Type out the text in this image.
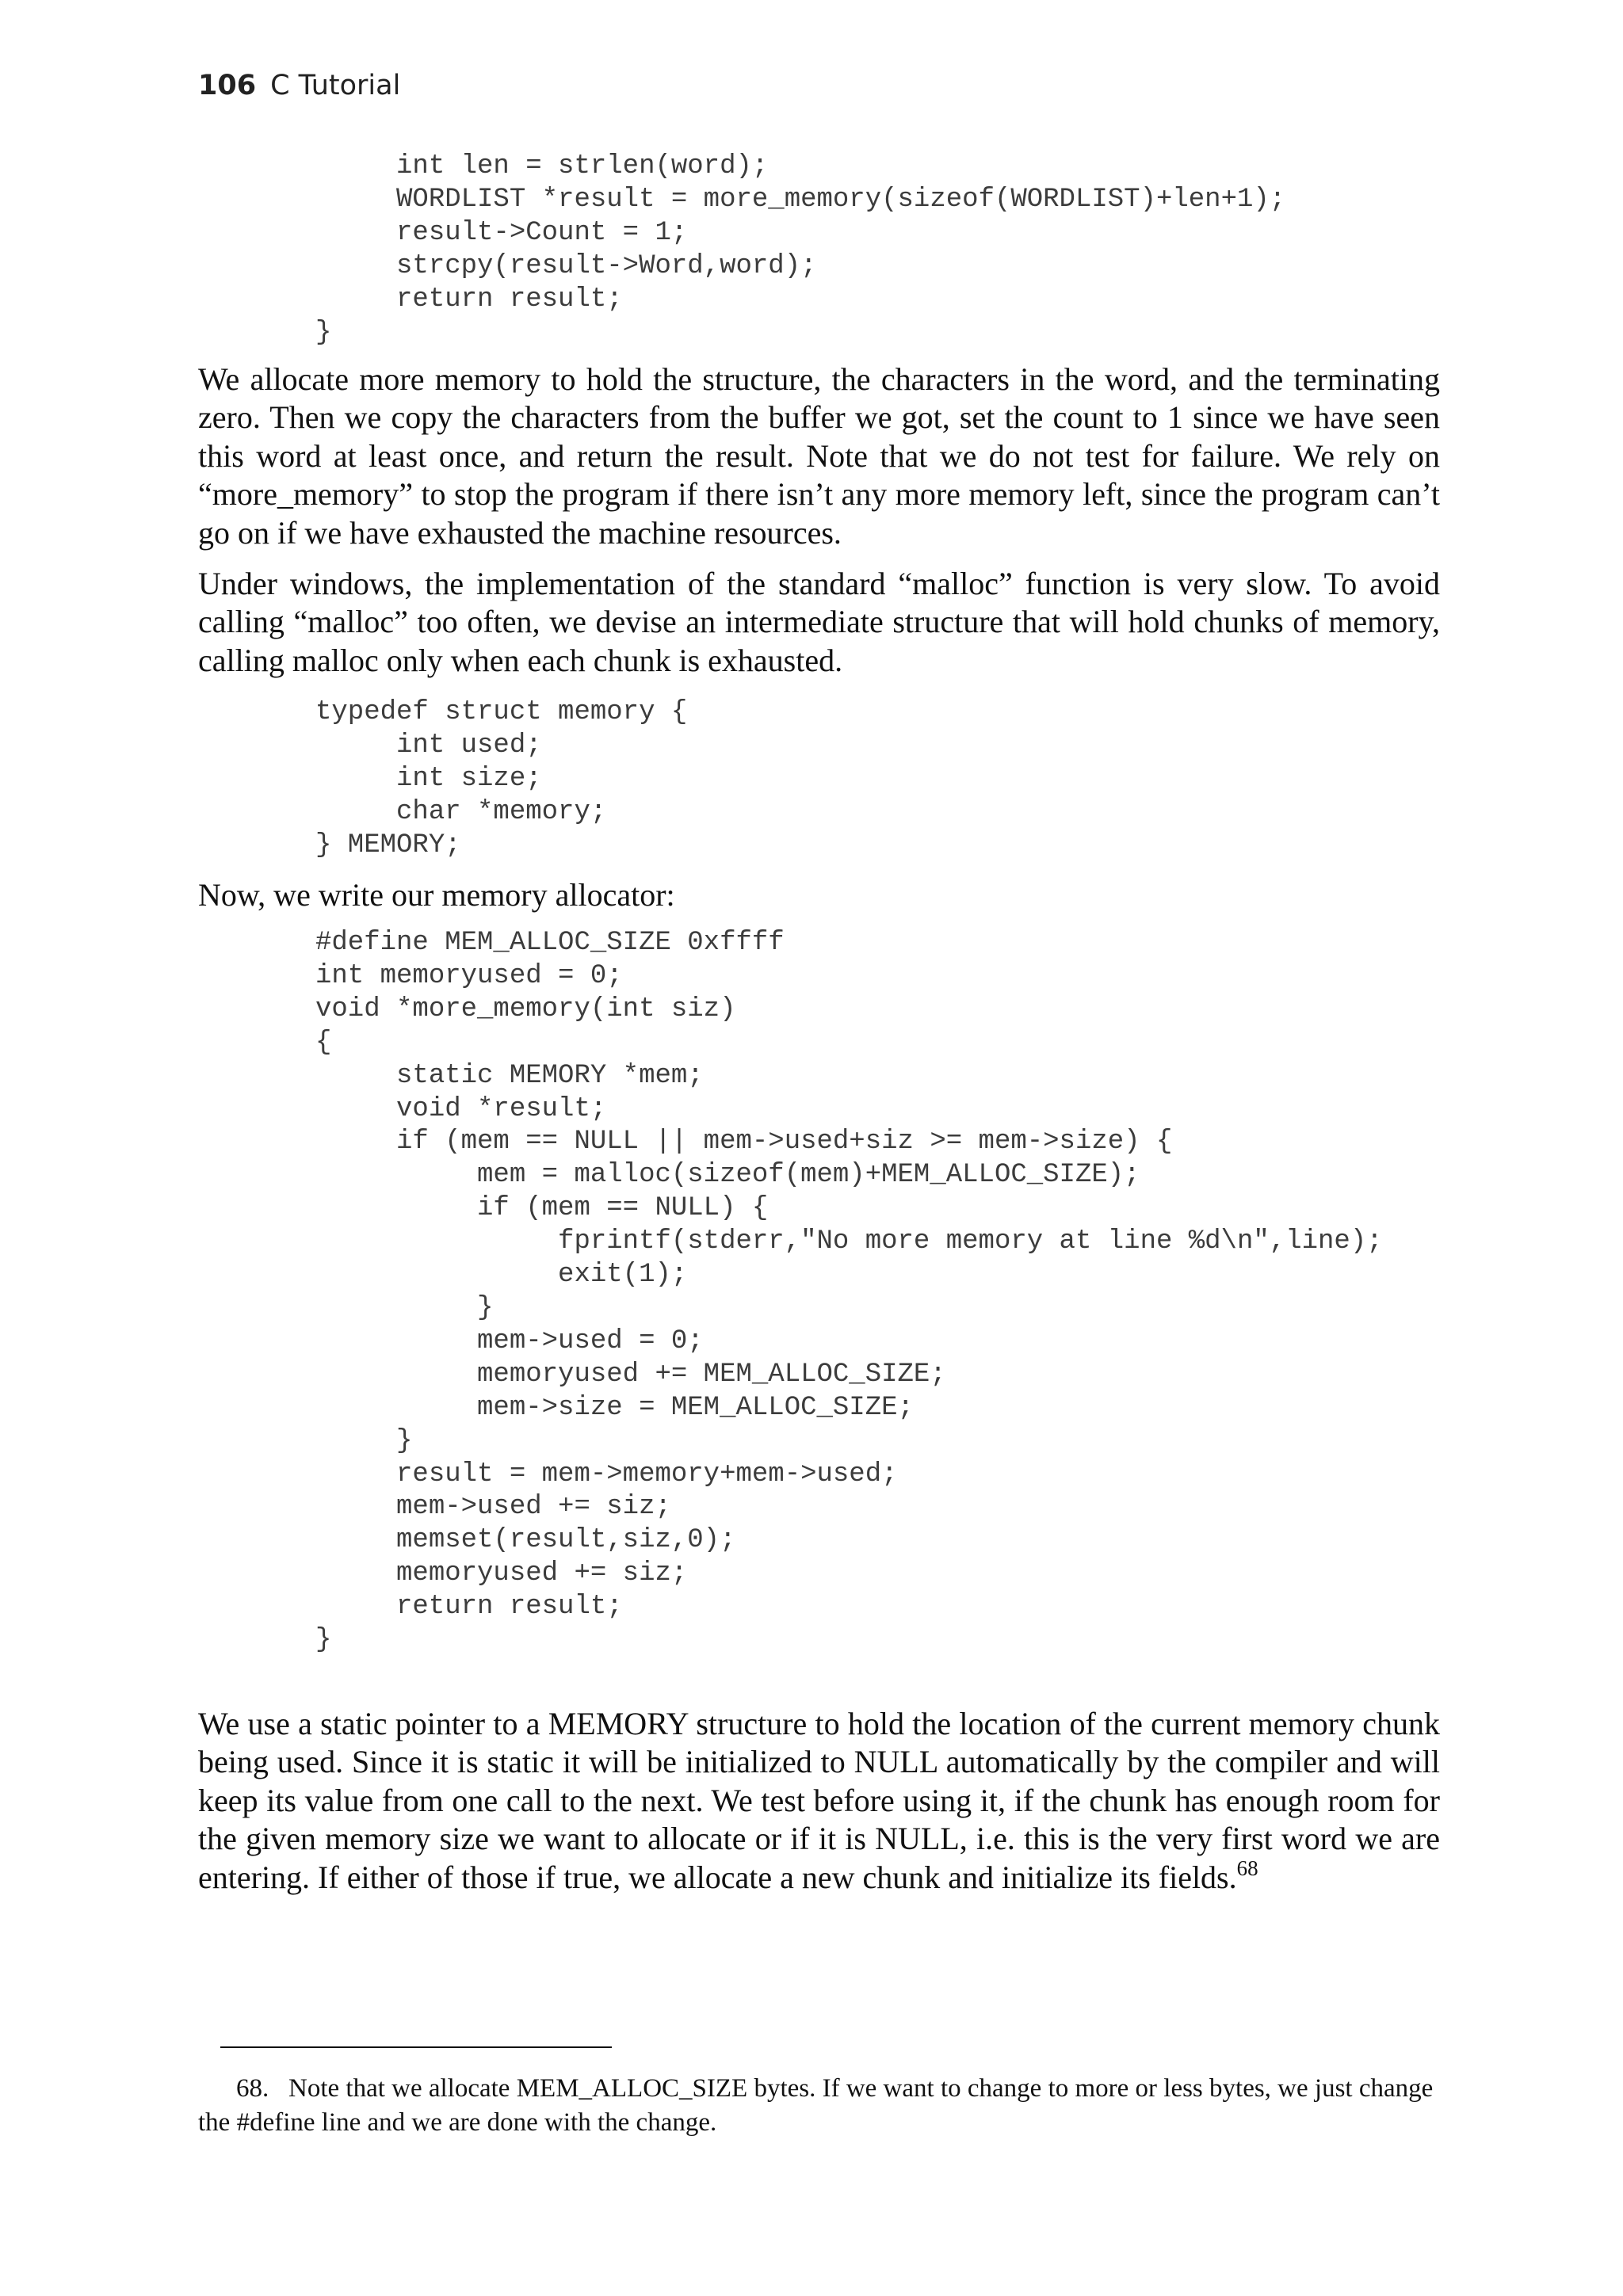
106 C Tutorial
int len = strlen(word);
WORDLIST *result = more_memory(sizeof(WORDLIST)+len+1);
result->Count = 1;
strcpy(result->Word,word);
return result;
}

We allocate more memory to hold the structure, the characters in the word, and the terminating zero. Then we copy the characters from the buffer we got, set the count to 1 since we have seen this word at least once, and return the result. Note that we do not test for failure. We rely on “more_memory” to stop the program if there isn’t any more memory left, since the program can’t go on if we have exhausted the machine resources.

Under windows, the implementation of the standard “malloc” function is very slow. To avoid calling “malloc” too often, we devise an intermediate structure that will hold chunks of memory, calling malloc only when each chunk is exhausted.

typedef struct memory {
int used;
int size;
char *memory;
} MEMORY;

Now, we write our memory allocator:

#define MEM_ALLOC_SIZE 0xffff
int memoryused = 0;
void *more_memory(int siz)
{
static MEMORY *mem;
void *result;
if (mem == NULL || mem->used+siz >= mem->size) {
mem = malloc(sizeof(mem)+MEM_ALLOC_SIZE);
if (mem == NULL) {
fprintf(stderr,"No more memory at line %d\n",line);
exit(1);
}
mem->used = 0;
memoryused += MEM_ALLOC_SIZE;
mem->size = MEM_ALLOC_SIZE;
}
result = mem->memory+mem->used;
mem->used += siz;
memset(result,siz,0);
memoryused += siz;
return result;
}

We use a static pointer to a MEMORY structure to hold the location of the current memory chunk being used. Since it is static it will be initialized to NULL automatically by the compiler and will keep its value from one call to the next. We test before using it, if the chunk has enough room for the given memory size we want to allocate or if it is NULL, i.e. this is the very first word we are entering. If either of those if true, we allocate a new chunk and initialize its fields.$^{68}$

68. Note that we allocate MEM_ALLOC_SIZE bytes. If we want to change to more or less bytes, we just change the #define line and we are done with the change.
